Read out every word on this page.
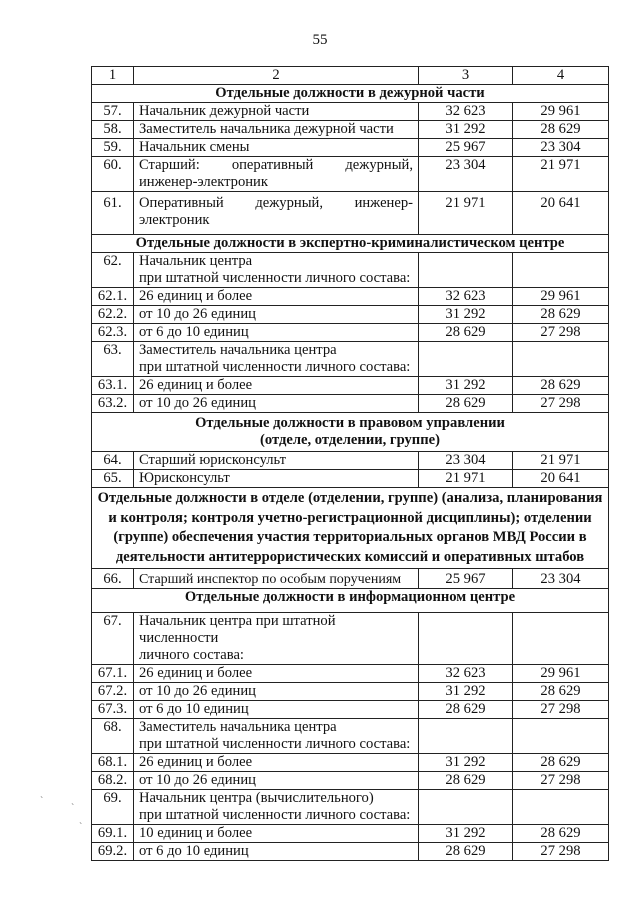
55
1	2	3	4
Отдельные должности в дежурной части			
57.	Начальник дежурной части	32 623	29 961
58.	Заместитель начальника дежурной части	31 292	28 629
59.	Начальник смены	25 967	23 304
60.	Старший: оперативный дежурный,
инженер-электроник	23 304	21 971
61.	Оперативный дежурный, инженер-
электроник	21 971	20 641
Отдельные должности в экспертно-криминалистическом центре			
62.	Начальник центра
при штатной численности личного состава:		

62.1.	26 единиц и более	32 623	29 961
62.2.	от 10 до 26 единиц	31 292	28 629
62.3.	от 6 до 10 единиц	28 629	27 298
63.	Заместитель начальника центра
при штатной численности личного состава:		

63.1.	26 единиц и более	31 292	28 629
63.2.	от 10 до 26 единиц	28 629	27 298

Отдельные должности в правовом управлении
(отделе, отделении, группе)			

64.	Старший юрисконсульт	23 304	21 971
65.	Юрисконсульт	21 971	20 641

Отдельные должности в отделе (отделении, группе) (анализа, планирования
и контроля; контроля учетно-регистрационной дисциплины); отделении
(группе) обеспечения участия территориальных органов МВД России в
деятельности антитеррористических комиссий и оперативных штабов			

66.	Старший инспектор по особым поручениям	25 967	23 304
Отдельные должности в информационном центре			
67.	Начальник центра при штатной численности
личного состава:		

67.1.	26 единиц и более	32 623	29 961
67.2.	от 10 до 26 единиц	31 292	28 629
67.3.	от 6 до 10 единиц	28 629	27 298
68.	Заместитель начальника центра
при штатной численности личного состава:		

68.1.	26 единиц и более	31 292	28 629
68.2.	от 10 до 26 единиц	28 629	27 298
69.	Начальник центра (вычислительного)
при штатной численности личного состава:		

69.1.	10 единиц и более	31 292	28 629
69.2.	от 6 до 10 единиц	28 629	27 298
ˋ
ˋ
ˋ
